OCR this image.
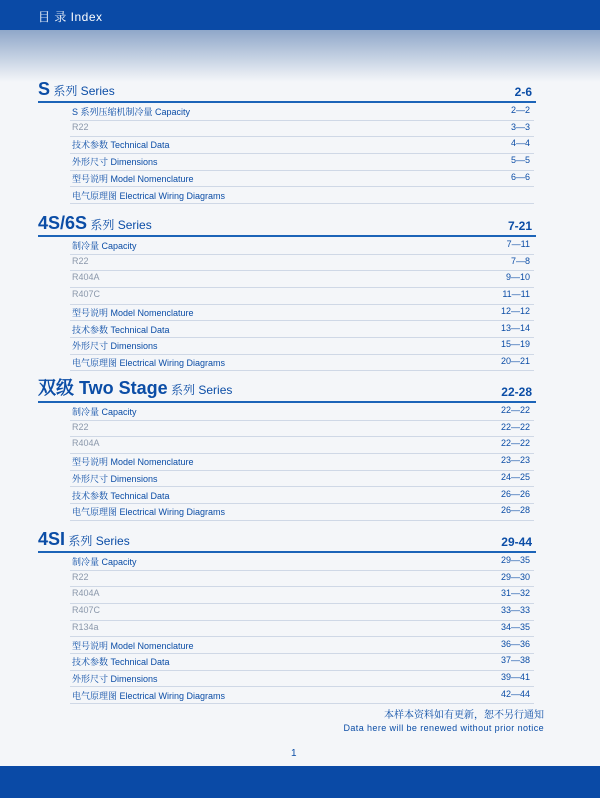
目 录 Index
S 系列 Series	2-6
S 系列压缩机制冷量 Capacity	2—2
R22	3—3
技术参数 Technical Data	4—4
外形尺寸 Dimensions	5—5
型号说明 Model Nomenclature	6—6
电气原理图 Electrical Wiring Diagrams
4S/6S 系列 Series	7-21
制冷量 Capacity	7—11
R22	7—8
R404A	9—10
R407C	11—11
型号说明 Model Nomenclature	12—12
技术参数 Technical Data	13—14
外形尺寸 Dimensions	15—19
电气原理图 Electrical Wiring Diagrams	20—21
双级 Two Stage 系列 Series	22-28
制冷量 Capacity	22—22
R22	22—22
R404A	22—22
型号说明 Model Nomenclature	23—23
外形尺寸 Dimensions	24—25
技术参数 Technical Data	26—26
电气原理图 Electrical Wiring Diagrams	26—28
4SI 系列 Series	29-44
制冷量 Capacity	29—35
R22	29—30
R404A	31—32
R407C	33—33
R134a	34—35
型号说明 Model Nomenclature	36—36
技术参数 Technical Data	37—38
外形尺寸 Dimensions	39—41
电气原理图 Electrical Wiring Diagrams	42—44
本样本资料如有更新，恕不另行通知
Data here will be renewed without prior notice
1
